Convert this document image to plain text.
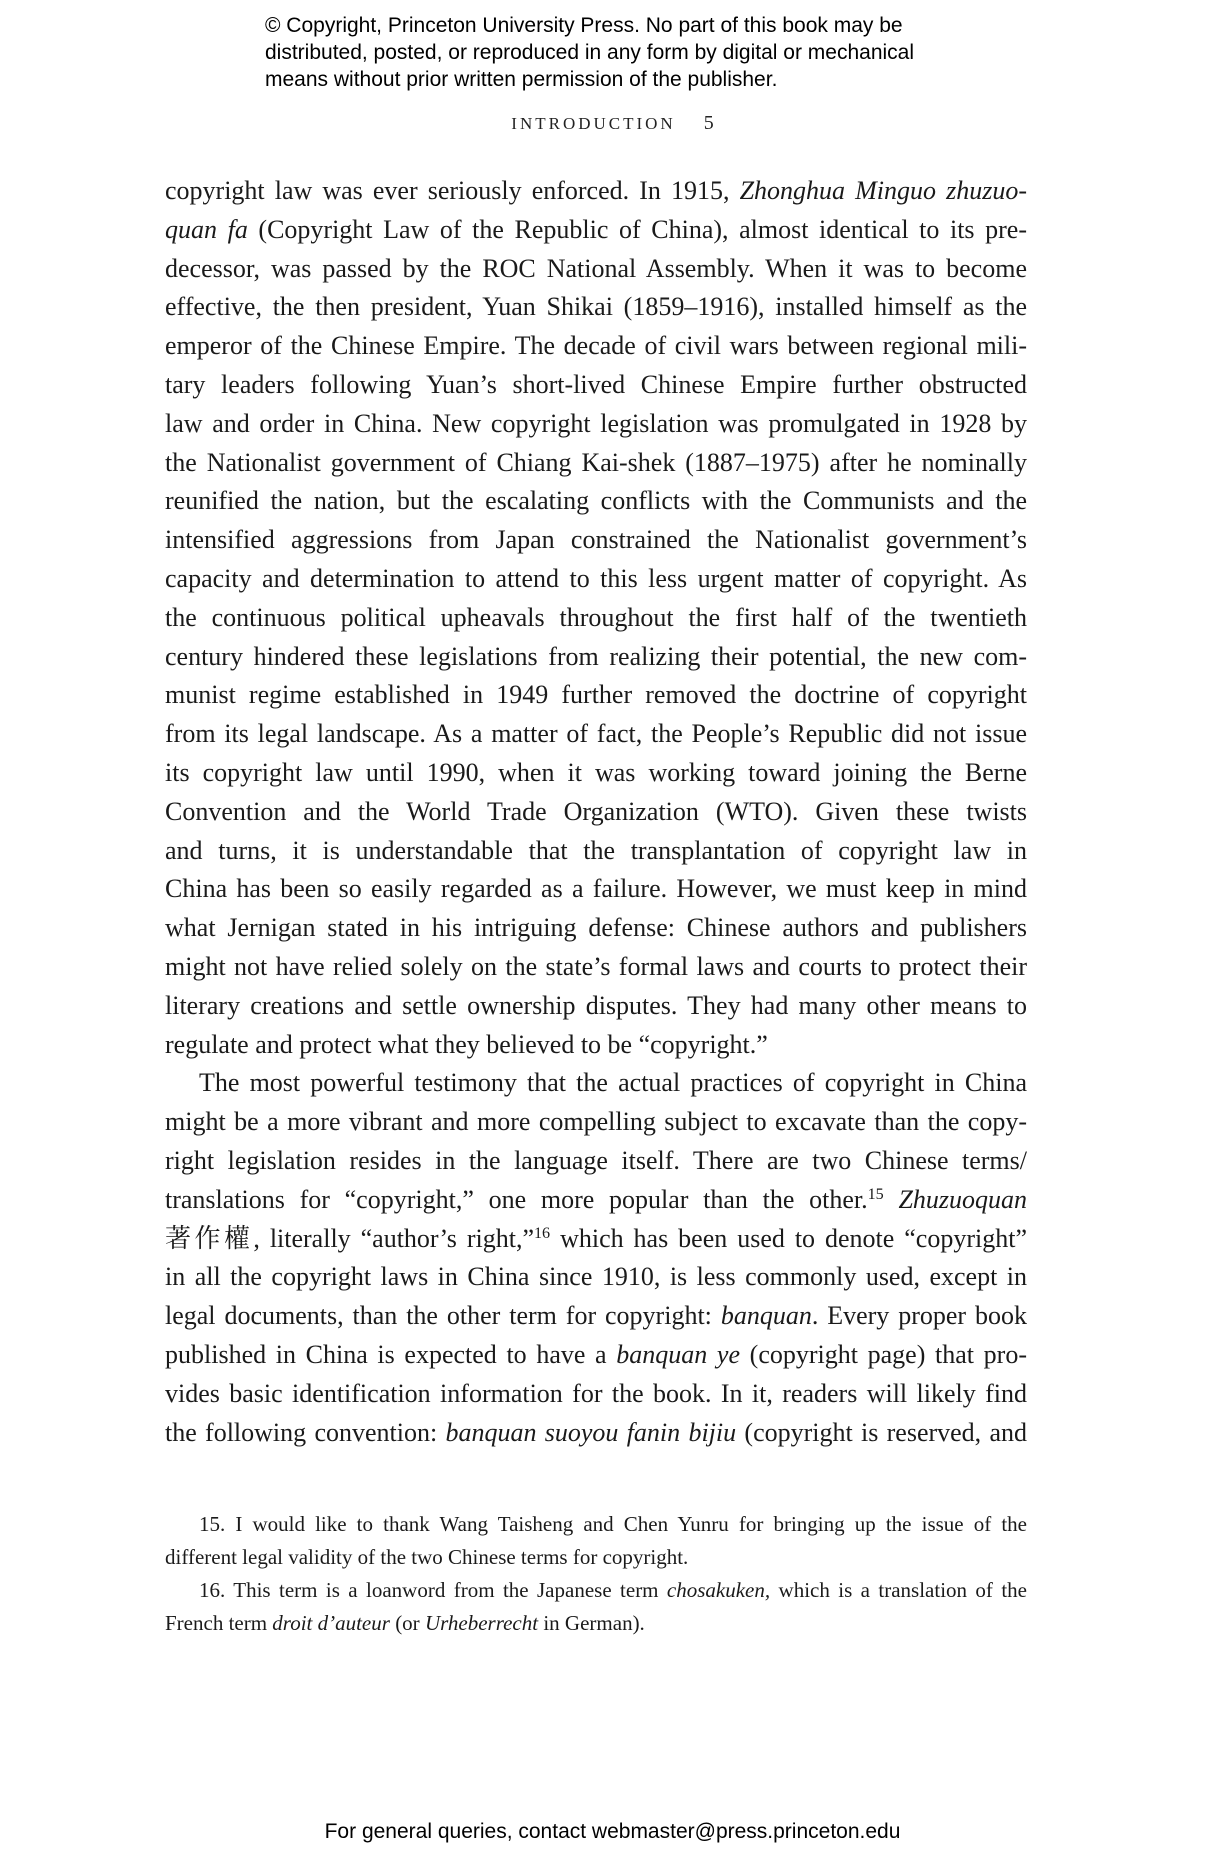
© Copyright, Princeton University Press. No part of this book may be
distributed, posted, or reproduced in any form by digital or mechanical
means without prior written permission of the publisher.
INTRODUCTION 5
copyright law was ever seriously enforced. In 1915, Zhonghua Minguo zhuzuo-
quan fa (Copyright Law of the Republic of China), almost identical to its pre-
decessor, was passed by the ROC National Assembly. When it was to become
effective, the then president, Yuan Shikai (1859–1916), installed himself as the
emperor of the Chinese Empire. The decade of civil wars between regional mili-
tary leaders following Yuan’s short-lived Chinese Empire further obstructed
law and order in China. New copyright legislation was promulgated in 1928 by
the Nationalist government of Chiang Kai-shek (1887–1975) after he nominally
reunified the nation, but the escalating conflicts with the Communists and the
intensified aggressions from Japan constrained the Nationalist government’s
capacity and determination to attend to this less urgent matter of copyright. As
the continuous political upheavals throughout the first half of the twentieth
century hindered these legislations from realizing their potential, the new com-
munist regime established in 1949 further removed the doctrine of copyright
from its legal landscape. As a matter of fact, the People’s Republic did not issue
its copyright law until 1990, when it was working toward joining the Berne
Convention and the World Trade Organization (WTO). Given these twists
and turns, it is understandable that the transplantation of copyright law in
China has been so easily regarded as a failure. However, we must keep in mind
what Jernigan stated in his intriguing defense: Chinese authors and publishers
might not have relied solely on the state’s formal laws and courts to protect their
literary creations and settle ownership disputes. They had many other means to
regulate and protect what they believed to be “copyright.”
The most powerful testimony that the actual practices of copyright in China
might be a more vibrant and more compelling subject to excavate than the copy-
right legislation resides in the language itself. There are two Chinese terms/
translations for “copyright,” one more popular than the other.$^{15}$ Zhuzuoquan
著作權, literally “author’s right,”$^{16}$ which has been used to denote “copyright”
in all the copyright laws in China since 1910, is less commonly used, except in
legal documents, than the other term for copyright: banquan. Every proper book
published in China is expected to have a banquan ye (copyright page) that pro-
vides basic identification information for the book. In it, readers will likely find
the following convention: banquan suoyou fanin bijiu (copyright is reserved, and
15. I would like to thank Wang Taisheng and Chen Yunru for bringing up the issue of the
different legal validity of the two Chinese terms for copyright.
16. This term is a loanword from the Japanese term chosakuken, which is a translation of the
French term droit d’auteur (or Urheberrecht in German).
For general queries, contact webmaster@press.princeton.edu
